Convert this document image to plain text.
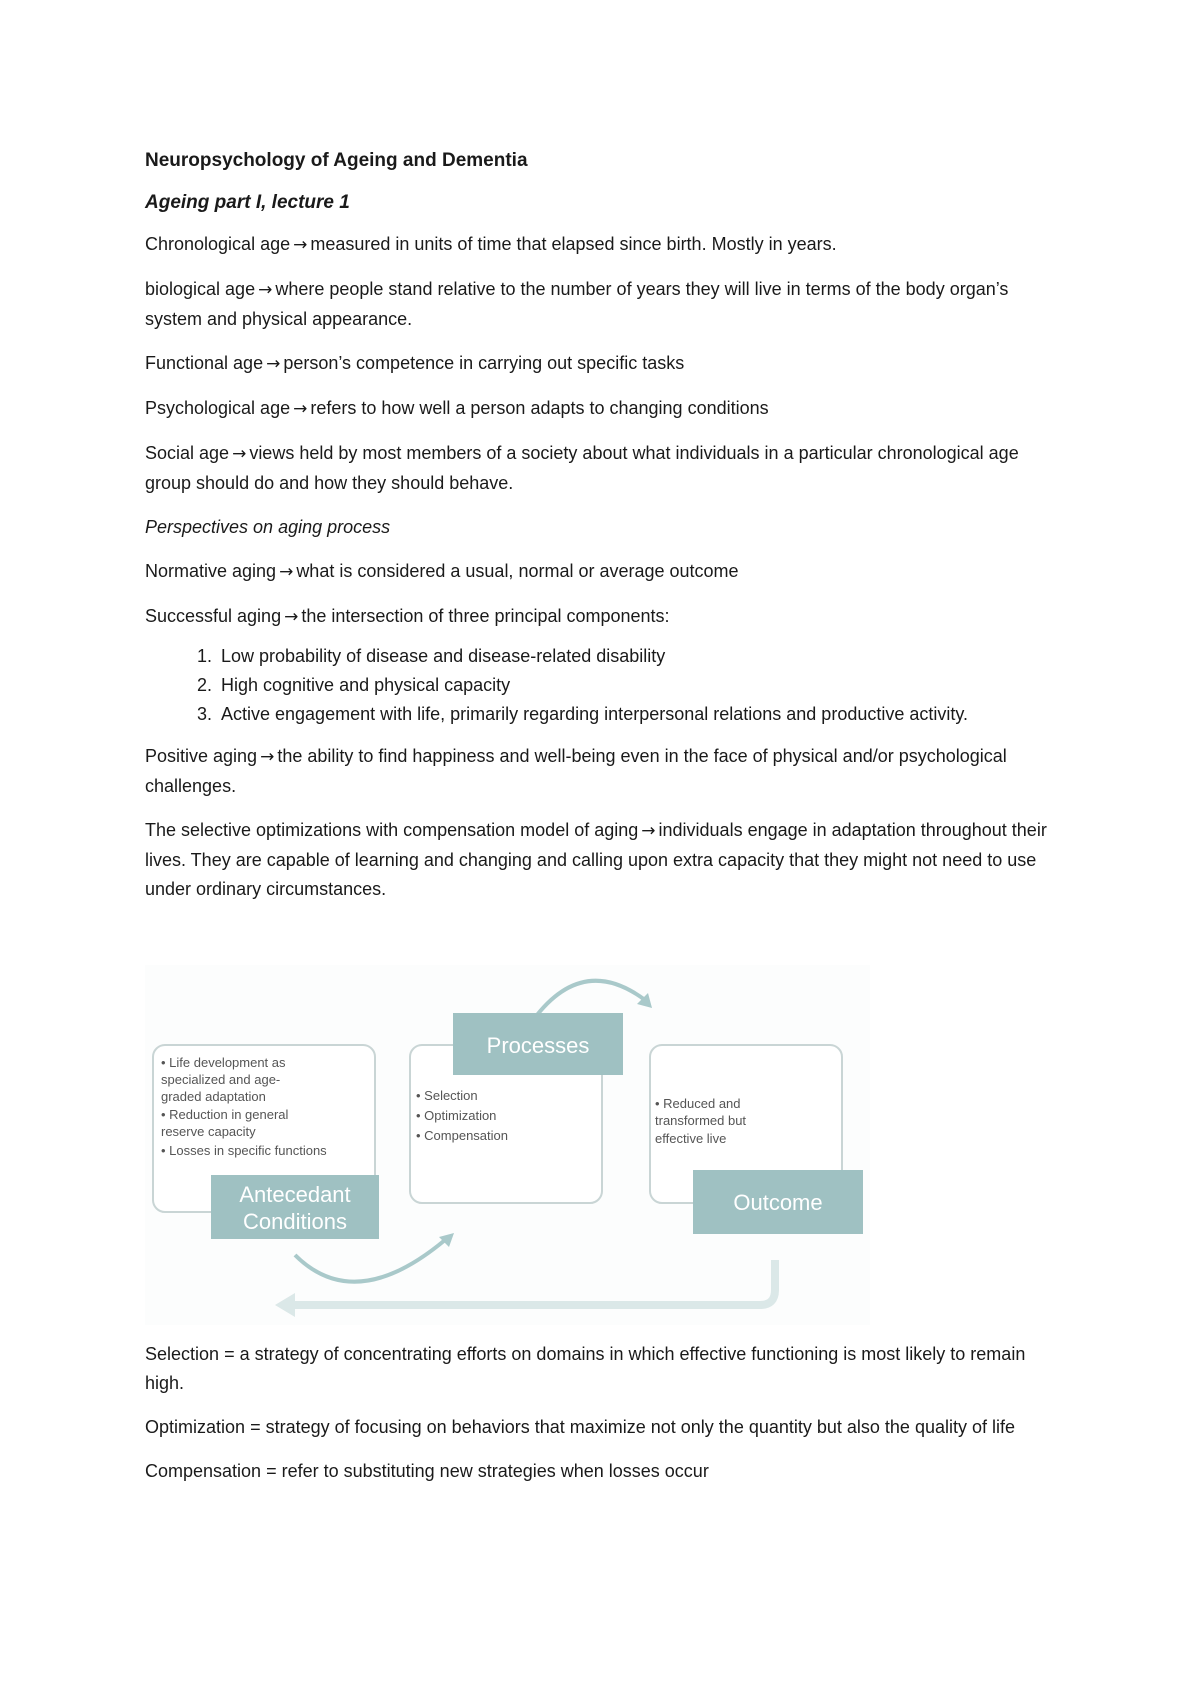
Neuropsychology of Ageing and Dementia

Ageing part I, lecture 1

Chronological age → measured in units of time that elapsed since birth. Mostly in years.

biological age → where people stand relative to the number of years they will live in terms of the body organ’s system and physical appearance.

Functional age → person’s competence in carrying out specific tasks

Psychological age → refers to how well a person adapts to changing conditions

Social age → views held by most members of a society about what individuals in a particular chronological age group should do and how they should behave.

Perspectives on aging process

Normative aging → what is considered a usual, normal or average outcome

Successful aging → the intersection of three principal components:

1. Low probability of disease and disease-related disability
2. High cognitive and physical capacity
3. Active engagement with life, primarily regarding interpersonal relations and productive activity.

Positive aging → the ability to find happiness and well-being even in the face of physical and/or psychological challenges.

The selective optimizations with compensation model of aging → individuals engage in adaptation throughout their lives. They are capable of learning and changing and calling upon extra capacity that they might not need to use under ordinary circumstances.

• Life development as specialized and age- graded adaptation • Reduction in general reserve capacity • Losses in specific functions
Antecedant
Conditions
Processes
• Selection • Optimization • Compensation
• Reduced and transformed but effective live
Outcome

Selection = a strategy of concentrating efforts on domains in which effective functioning is most likely to remain high.

Optimization = strategy of focusing on behaviors that maximize not only the quantity but also the quality of life

Compensation = refer to substituting new strategies when losses occur
